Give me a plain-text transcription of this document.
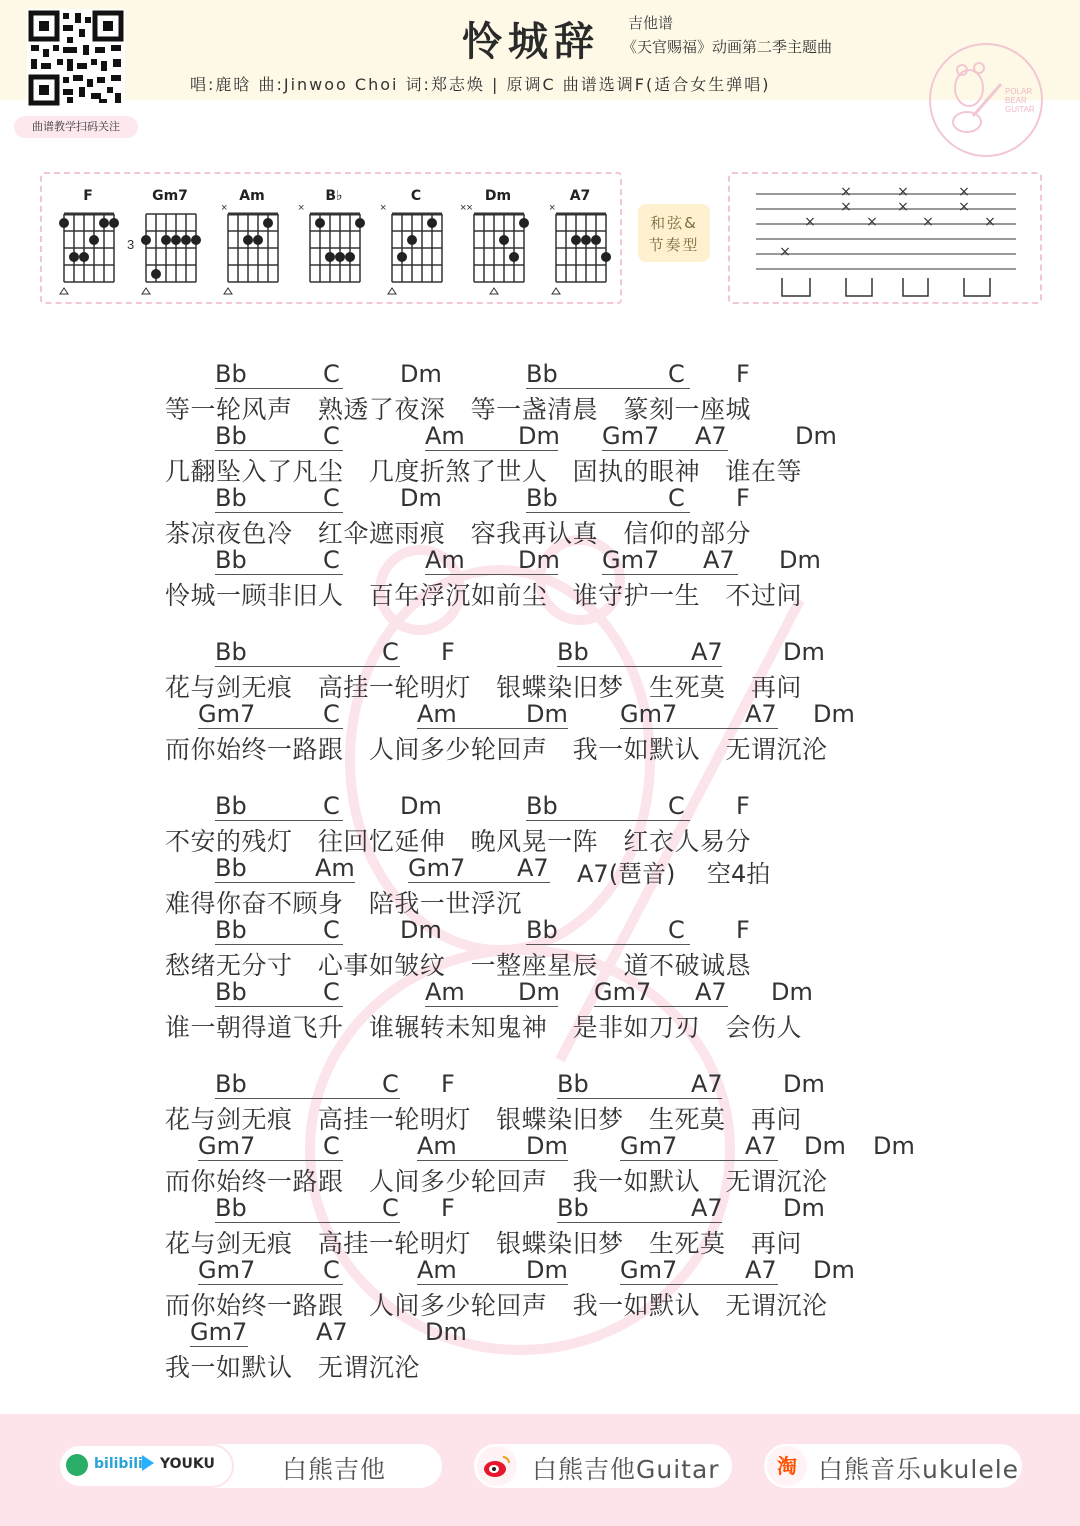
曲谱教学扫码关注
怜城辞 吉他谱
《天官赐福》动画第二季主题曲
唱:鹿晗 曲:Jinwoo Choi 词:郑志焕 | 原调C 曲谱选调F(适合女生弹唱)	POLAR
BEAR
GUITAR
F	Gm7
3
Am
×
B♭
×
C
×
Dm
××
A7
×
和弦&
节奏型	×
×
×
×
×
×
×
×
×
×
×
Bb	C	Dm	Bb	C F
等一轮风声   熟透了夜深   等一盏清晨   篆刻一座城
Bb	C	Am Dm Gm7 A7	Dm
几翻坠入了凡尘   几度折煞了世人   固执的眼神   谁在等
Bb	C	Dm	Bb	C F
茶凉夜色冷   红伞遮雨痕   容我再认真   信仰的部分
Bb	C	Am Dm Gm7 A7 Dm
怜城一顾非旧人   百年浮沉如前尘   谁守护一生   不过问
Bb	C F	Bb	A7	Dm
花与剑无痕   高挂一轮明灯   银蝶染旧梦   生死莫   再问
Gm7	C	Am	Dm Gm7	A7 Dm
而你始终一路跟   人间多少轮回声   我一如默认   无谓沉沦
Bb	C	Dm	Bb	C F
不安的残灯   往回忆延伸   晚风晃一阵   红衣人易分
Bb	Am Gm7 A7 A7(琶音) 空4拍
难得你奋不顾身   陪我一世浮沉
Bb	C	Dm	Bb	C F
愁绪无分寸   心事如皱纹   一整座星辰   道不破诚恳
Bb	C	Am Dm Gm7 A7 Dm
谁一朝得道飞升   谁辗转未知鬼神   是非如刀刃   会伤人
Bb	C F	Bb	A7	Dm
花与剑无痕   高挂一轮明灯   银蝶染旧梦   生死莫   再问
Gm7	C	Am	Dm Gm7	A7 Dm Dm
而你始终一路跟   人间多少轮回声   我一如默认   无谓沉沦
Bb	C F	Bb	A7	Dm
花与剑无痕   高挂一轮明灯   银蝶染旧梦   生死莫   再问
Gm7	C	Am	Dm Gm7	A7 Dm
而你始终一路跟   人间多少轮回声   我一如默认   无谓沉沦
Gm7	A7	Dm
我一如默认   无谓沉沦
bilibili YOUKU	白熊吉他	白熊吉他Guitar	淘 白熊音乐ukulele
